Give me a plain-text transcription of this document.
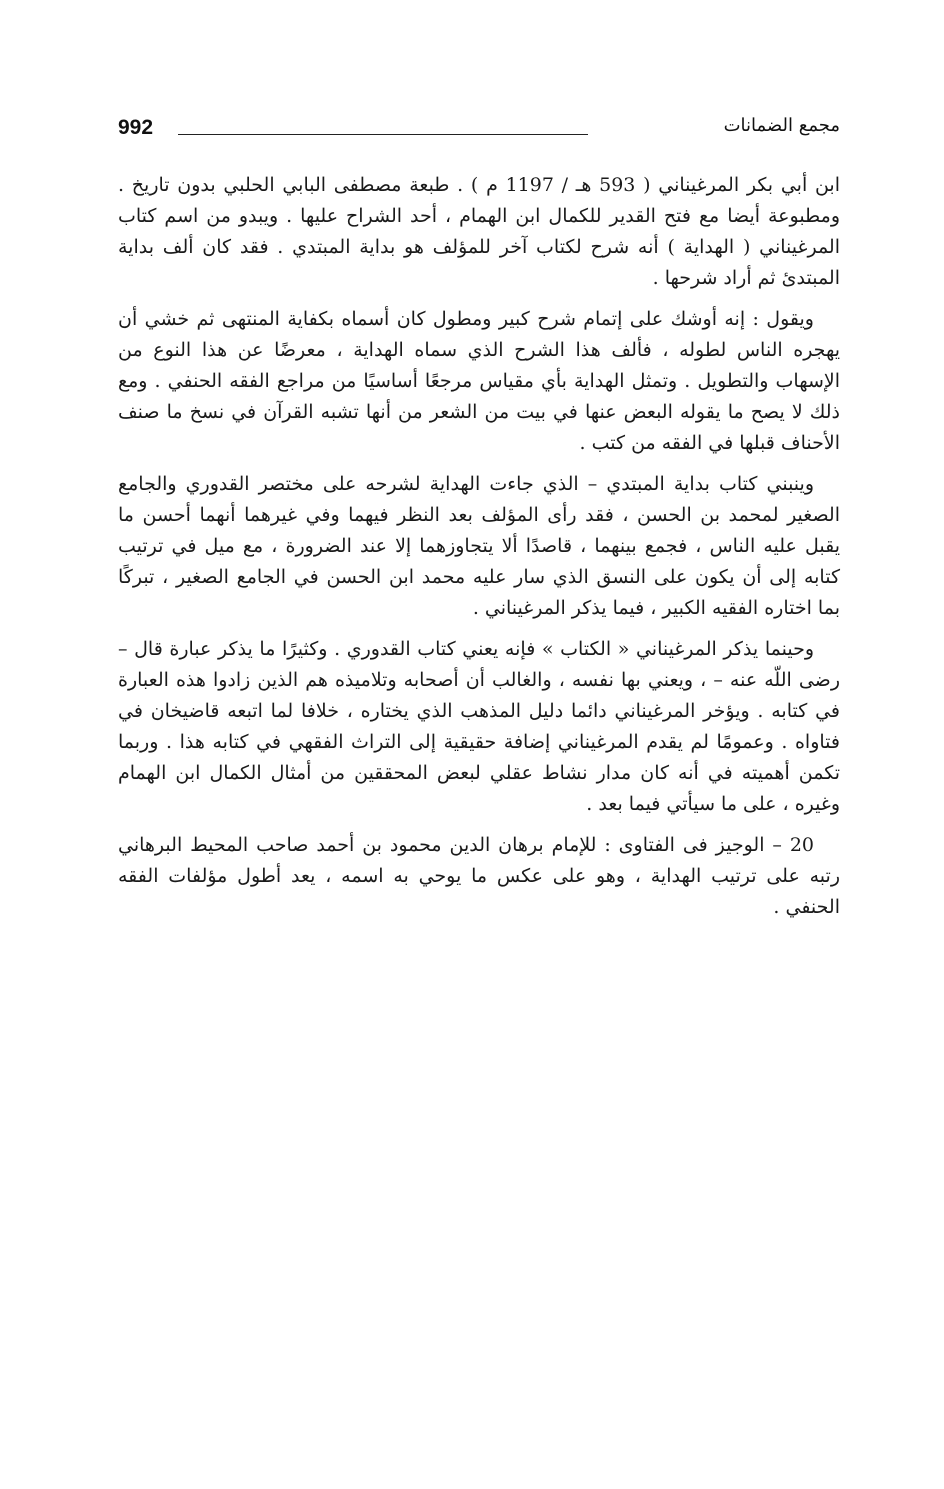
992	مجمع الضمانات

ابن أبي بكر المرغيناني ( 593 هـ / 1197 م ) . طبعة مصطفى البابي الحلبي بدون تاريخ . ومطبوعة أيضا مع فتح القدير للكمال ابن الهمام ، أحد الشراح عليها . ويبدو من اسم كتاب المرغيناني ( الهداية ) أنه شرح لكتاب آخر للمؤلف هو بداية المبتدي . فقد كان ألف بداية المبتدئ ثم أراد شرحها .

ويقول : إنه أوشك على إتمام شرح كبير ومطول كان أسماه بكفاية المنتهى ثم خشي أن يهجره الناس لطوله ، فألف هذا الشرح الذي سماه الهداية ، معرضًا عن هذا النوع من الإسهاب والتطويل . وتمثل الهداية بأي مقياس مرجعًا أساسيًا من مراجع الفقه الحنفي . ومع ذلك لا يصح ما يقوله البعض عنها في بيت من الشعر من أنها تشبه القرآن في نسخ ما صنف الأحناف قبلها في الفقه من كتب .

وينبني كتاب بداية المبتدي – الذي جاءت الهداية لشرحه على مختصر القدوري والجامع الصغير لمحمد بن الحسن ، فقد رأى المؤلف بعد النظر فيهما وفي غيرهما أنهما أحسن ما يقبل عليه الناس ، فجمع بينهما ، قاصدًا ألا يتجاوزهما إلا عند الضرورة ، مع ميل في ترتيب كتابه إلى أن يكون على النسق الذي سار عليه محمد ابن الحسن في الجامع الصغير ، تبركًا بما اختاره الفقيه الكبير ، فيما يذكر المرغيناني .

وحينما يذكر المرغيناني « الكتاب » فإنه يعني كتاب القدوري . وكثيرًا ما يذكر عبارة قال – رضى اللّه عنه – ، ويعني بها نفسه ، والغالب أن أصحابه وتلاميذه هم الذين زادوا هذه العبارة في كتابه . ويؤخر المرغيناني دائما دليل المذهب الذي يختاره ، خلافا لما اتبعه قاضيخان في فتاواه . وعمومًا لم يقدم المرغيناني إضافة حقيقية إلى التراث الفقهي في كتابه هذا . وربما تكمن أهميته في أنه كان مدار نشاط عقلي لبعض المحققين من أمثال الكمال ابن الهمام وغيره ، على ما سيأتي فيما بعد .

20 – الوجيز فى الفتاوى : للإمام برهان الدين محمود بن أحمد صاحب المحيط البرهاني رتبه على ترتيب الهداية ، وهو على عكس ما يوحي به اسمه ، يعد أطول مؤلفات الفقه الحنفي .
